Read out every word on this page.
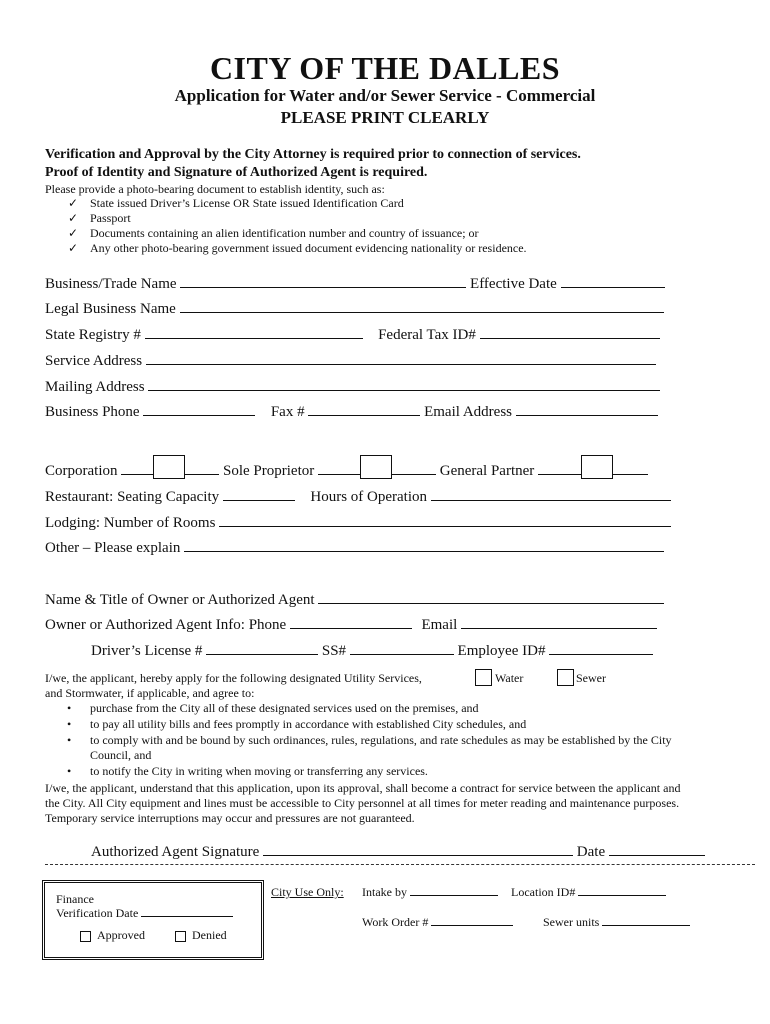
CITY OF THE DALLES
Application for Water and/or Sewer Service - Commercial
PLEASE PRINT CLEARLY
Verification and Approval by the City Attorney is required prior to connection of services.
Proof of Identity and Signature of Authorized Agent is required.
Please provide a photo-bearing document to establish identity, such as:
✓ State issued Driver’s License OR State issued Identification Card
✓ Passport
✓ Documents containing an alien identification number and country of issuance; or
✓ Any other photo-bearing government issued document evidencing nationality or residence.
Business/Trade Name	Effective Date
Legal Business Name
State Registry #	Federal Tax ID#
Service Address
Mailing Address
Business Phone	Fax #	Email Address
Corporation	Sole Proprietor	General Partner
Restaurant: Seating Capacity	Hours of Operation
Lodging: Number of Rooms
Other – Please explain
Name & Title of Owner or Authorized Agent
Owner or Authorized Agent Info: Phone	Email
Driver’s License #	SS#	Employee ID#
I/we, the applicant, hereby apply for the following designated Utility Services,	Water	Sewer
and Stormwater, if applicable, and agree to:
• purchase from the City all of these designated services used on the premises, and
• to pay all utility bills and fees promptly in accordance with established City schedules, and
• to comply with and be bound by such ordinances, rules, regulations, and rate schedules as may be established by the City
Council, and
• to notify the City in writing when moving or transferring any services.
I/we, the applicant, understand that this application, upon its approval, shall become a contract for service between the applicant and
the City. All City equipment and lines must be accessible to City personnel at all times for meter reading and maintenance purposes.
Temporary service interruptions may occur and pressures are not guaranteed.
Authorized Agent Signature	Date
Finance
Verification Date
Approved	Denied
City Use Only: Intake by	Location ID#
Work Order #	Sewer units
